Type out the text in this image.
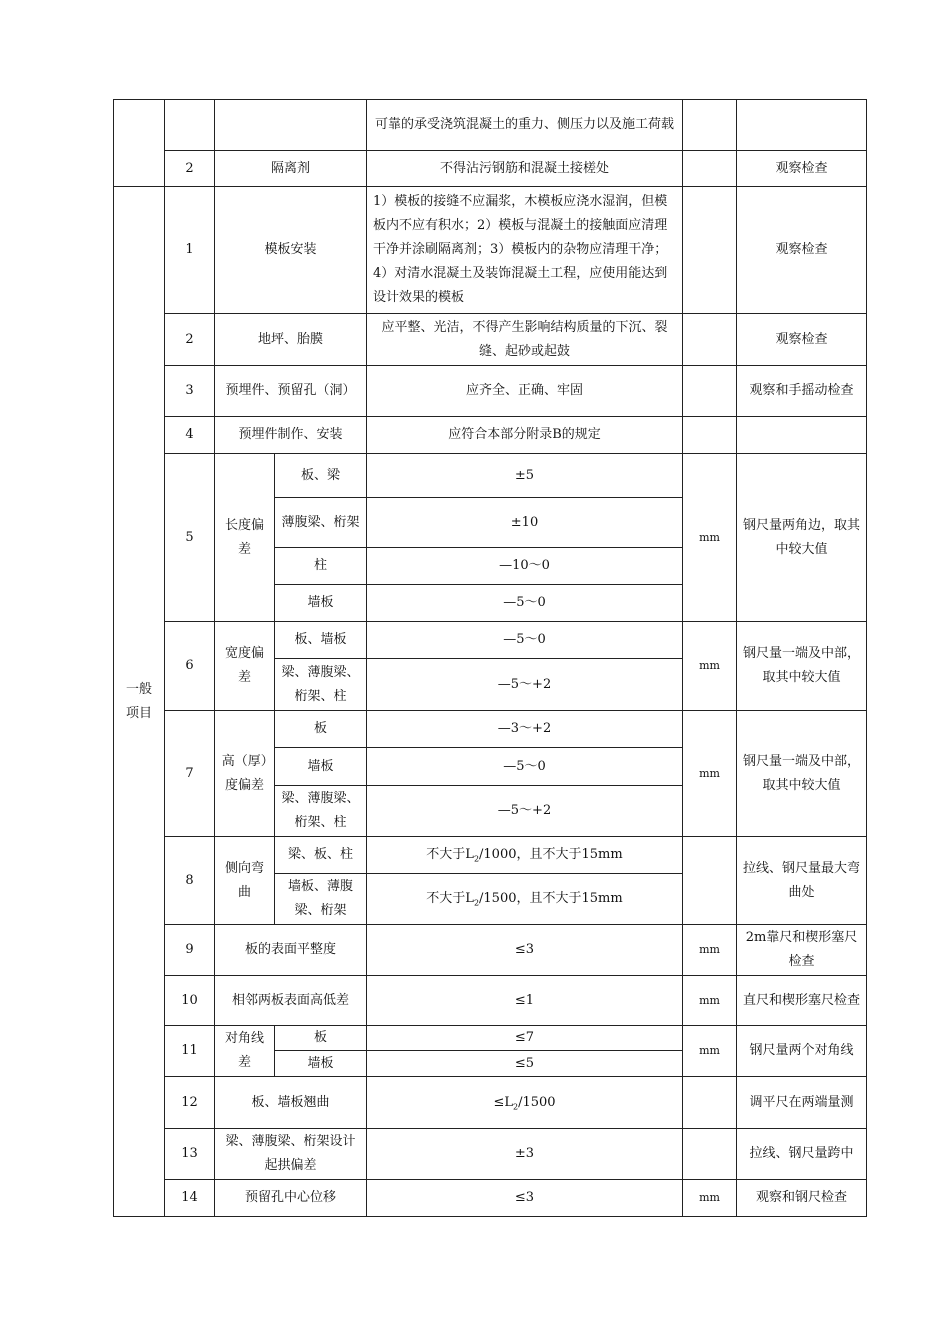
				可靠的承受浇筑混凝土的重力、侧压力以及施工荷载		
	2	隔离剂		不得沾污钢筋和混凝土接槎处		观察检查
一般项目	1	模板安装		1）模板的接缝不应漏浆，木模板应浇水湿润，但模板内不应有积水；2）模板与混凝土的接触面应清理干净并涂刷隔离剂；3）模板内的杂物应清理干净；4）对清水混凝土及装饰混凝土工程，应使用能达到设计效果的模板		观察检查
	2	地坪、胎膜		应平整、光洁，不得产生影响结构质量的下沉、裂缝、起砂或起鼓		观察检查
	3	预埋件、预留孔（洞）		应齐全、正确、牢固		观察和手摇动检查
	4	预埋件制作、安装		应符合本部分附录B的规定		
	5	长度偏差	板、梁	±5	mm	钢尺量两角边，取其中较大值
			薄腹梁、桁架	±10		
			柱	—10～0		
			墙板	—5～0		
	6	宽度偏差	板、墙板	—5～0	mm	钢尺量一端及中部，取其中较大值
			梁、薄腹梁、桁架、柱	—5～+2		
	7	高（厚）度偏差	板	—3～+2	mm	钢尺量一端及中部，取其中较大值
			墙板	—5～0		
			梁、薄腹梁、桁架、柱	—5～+2		
	8	侧向弯曲	梁、板、柱	不大于$L_2/1000$，且不大于15mm		拉线、钢尺量最大弯曲处
			墙板、薄腹梁、桁架	不大于$L_2/1500$，且不大于15mm		
	9	板的表面平整度		≤3	mm	2m靠尺和楔形塞尺检查
	10	相邻两板表面高低差		≤1	mm	直尺和楔形塞尺检查
	11	对角线差	板	≤7	mm	钢尺量两个对角线
			墙板	≤5		
	12	板、墙板翘曲		$\le L_2/1500$		调平尺在两端量测
	13	梁、薄腹梁、桁架设计起拱偏差		±3		拉线、钢尺量跨中
	14	预留孔中心位移		≤3	mm	观察和钢尺检查
